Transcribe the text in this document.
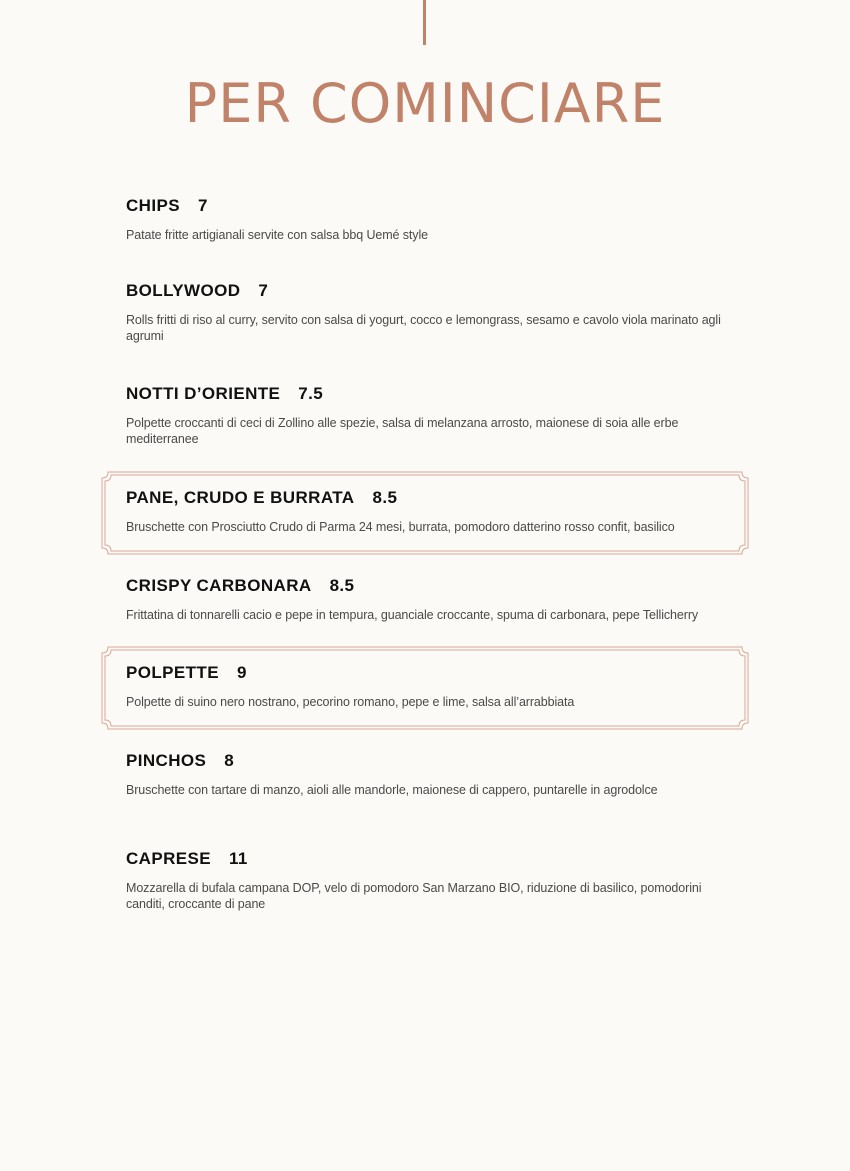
PER COMINCIARE
CHIPS 7
Patate fritte artigianali servite con salsa bbq Uemé style
BOLLYWOOD 7
Rolls fritti di riso al curry, servito con salsa di yogurt, cocco e lemongrass, sesamo e cavolo viola marinato agli agrumi
NOTTI D’ORIENTE 7.5
Polpette croccanti di ceci di Zollino alle spezie, salsa di melanzana arrosto, maionese di soia alle erbe mediterranee
PANE, CRUDO E BURRATA 8.5
Bruschette con Prosciutto Crudo di Parma 24 mesi, burrata, pomodoro datterino rosso confit, basilico
CRISPY CARBONARA 8.5
Frittatina di tonnarelli cacio e pepe in tempura, guanciale croccante, spuma di carbonara, pepe Tellicherry
POLPETTE 9
Polpette di suino nero nostrano, pecorino romano, pepe e lime, salsa all’arrabbiata
PINCHOS 8
Bruschette con tartare di manzo, aioli alle mandorle, maionese di cappero, puntarelle in agrodolce
CAPRESE 11
Mozzarella di bufala campana DOP, velo di pomodoro San Marzano BIO, riduzione di basilico, pomodorini canditi, croccante di pane
